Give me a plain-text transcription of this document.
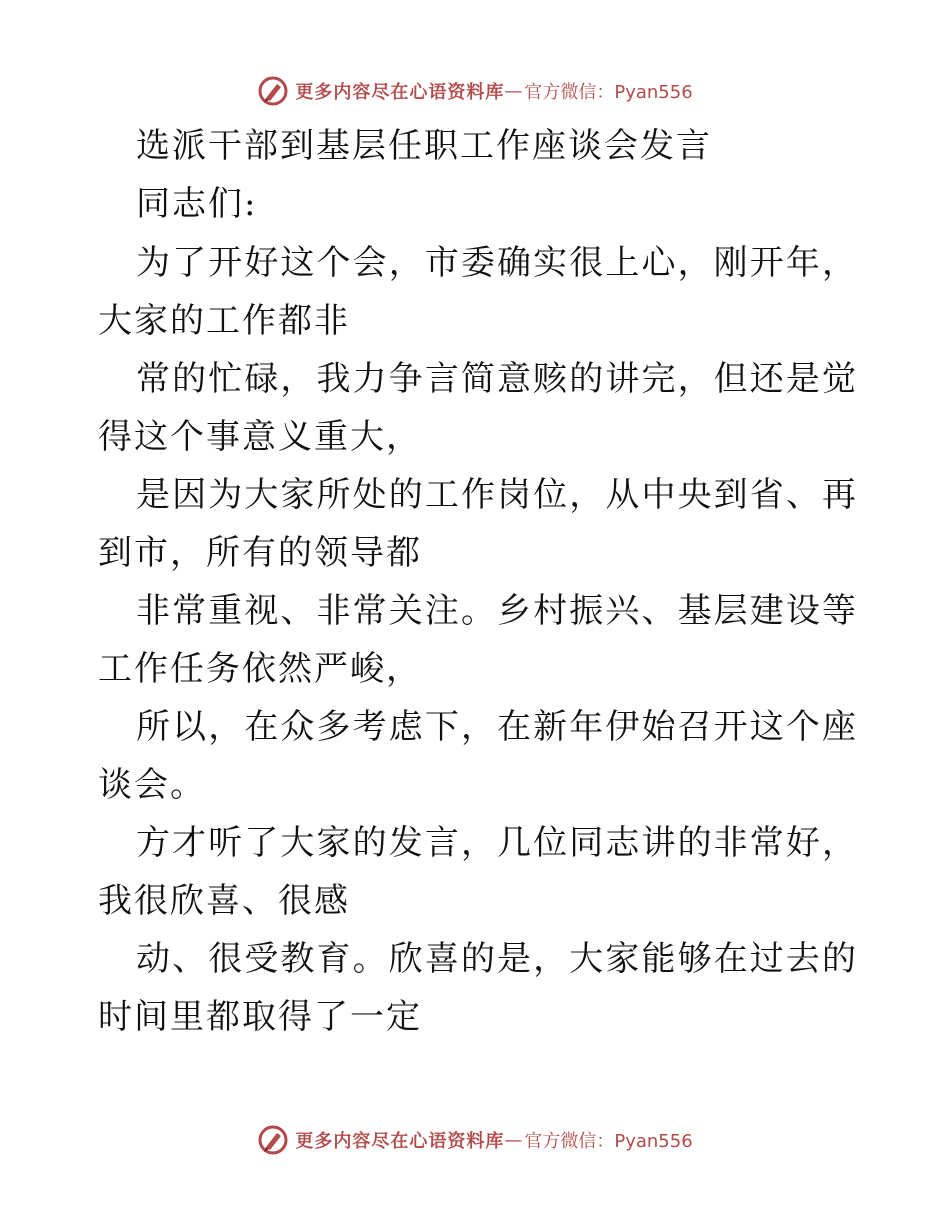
更多内容尽在心语资料库 — 官方微信：Pyan556
选派干部到基层任职工作座谈会发言

同志们:

为了开好这个会，市委确实很上心，刚开年，大家的工作都非

常的忙碌，我力争言简意赅的讲完，但还是觉得这个事意义重大，

是因为大家所处的工作岗位，从中央到省、再到市，所有的领导都

非常重视、非常关注。乡村振兴、基层建设等工作任务依然严峻，

所以，在众多考虑下，在新年伊始召开这个座谈会。

方才听了大家的发言，几位同志讲的非常好，我很欣喜、很感

动、很受教育。欣喜的是，大家能够在过去的时间里都取得了一定

更多内容尽在心语资料库 — 官方微信：Pyan556
